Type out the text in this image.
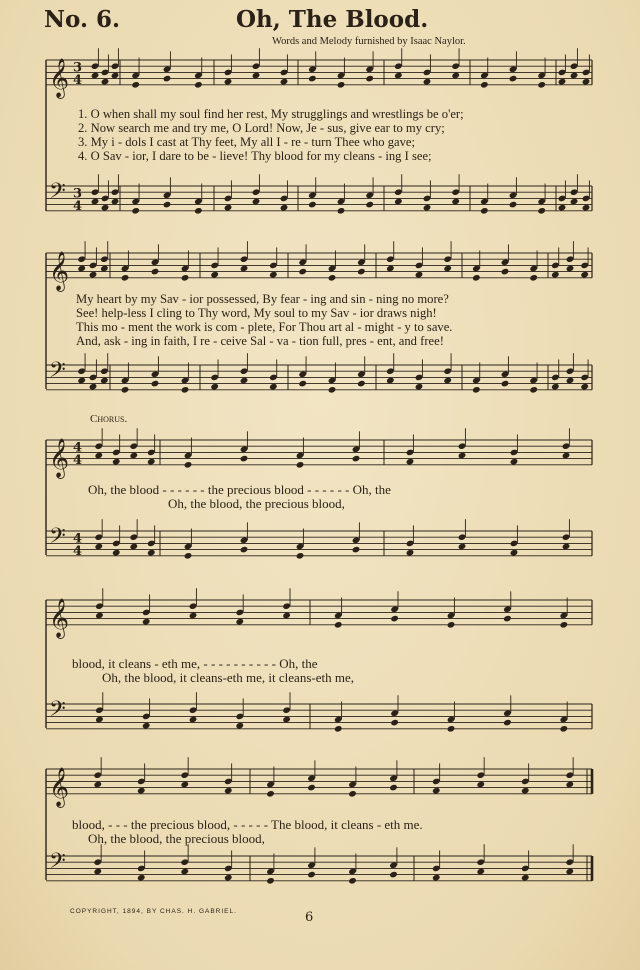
No. 6.	Oh, The Blood.
Words and Melody furnished by Isaac Naylor.
𝄞 3
4
𝄢 3
4
𝄞
𝄢
𝄞 4
4
𝄢 4
4
𝄞
𝄢
𝄞
𝄢
1. O when shall my soul find her rest, My strugglings and wrestlings be o'er;
2. Now search me and try me, O Lord! Now, Je - sus, give ear to my cry;
3. My i - dols I cast at Thy feet, My all I - re - turn Thee who gave;
4. O Sav - ior, I dare to be - lieve! Thy blood for my cleans - ing I see;
My heart by my Sav - ior possessed, By fear - ing and sin - ning no more?
See! help-less I cling to Thy word, My soul to my Sav - ior draws nigh!
This mo - ment the work is com - plete, For Thou art al - might - y to save.
And, ask - ing in faith, I re - ceive Sal - va - tion full, pres - ent, and free!
Chorus.
Oh, the blood - - - - - - the precious blood - - - - - - Oh, the
Oh, the blood, the precious blood,
blood, it cleans - eth me, - - - - - - - - - - Oh, the
Oh, the blood, it cleans-eth me, it cleans-eth me,
blood, - - - the precious blood, - - - - - The blood, it cleans - eth me.
Oh, the blood, the precious blood,
COPYRIGHT, 1894, BY CHAS. H. GABRIEL.	6
